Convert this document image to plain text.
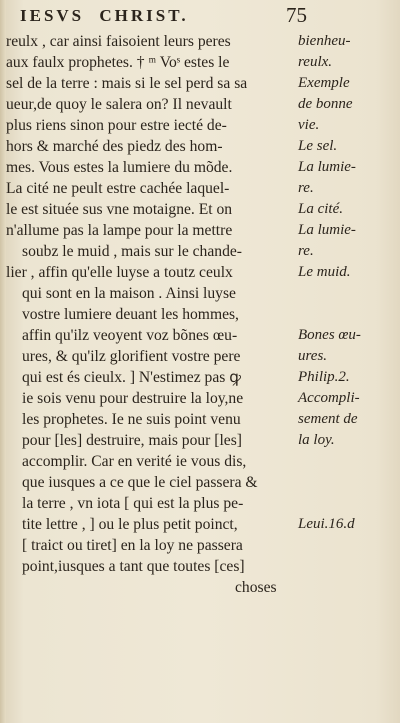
IESVS CHRIST.	75
reulx , car ainsi faisoient leurs peres
aux faulx prophetes. † ᵐ Voˢ estes le
sel de la terre : mais si le sel perd sa sa
ueur,de quoy le salera on? Il nevault
plus riens sinon pour estre iecté de-
hors & marché des piedz des hom-
mes. Vous estes la lumiere du mõde.
La cité ne peult estre cachée laquel-
le est située sus vne motaigne. Et on
n'allume pas la lampe pour la mettre
soubz le muid , mais sur le chande-
lier , affin qu'elle luyse a toutz ceulx
qui sont en la maison . Ainsi luyse
vostre lumiere deuant les hommes,
affin qu'ilz veoyent voz bõnes œu-
ures, & qu'ilz glorifient vostre pere
qui est és cieulx. ] N'estimez pas ꝙ
ie sois venu pour destruire la loy,ne
les prophetes. Ie ne suis point venu
pour [les] destruire, mais pour [les]
accomplir. Car en verité ie vous dis,
que iusques a ce que le ciel passera &
la terre , vn iota [ qui est la plus pe-
tite lettre , ] ou le plus petit poinct,
[ traict ou tiret] en la loy ne passera
point,iusques a tant que toutes [ces]
choses
bienheu-
reulx.
Exemple
de bonne
vie.
Le sel.
La lumie-
re.
La cité.
La lumie-
re.
Le muid.
Bones œu-
ures.
Philip.2.
Accompli-
sement de
la loy.
Leui.16.d
